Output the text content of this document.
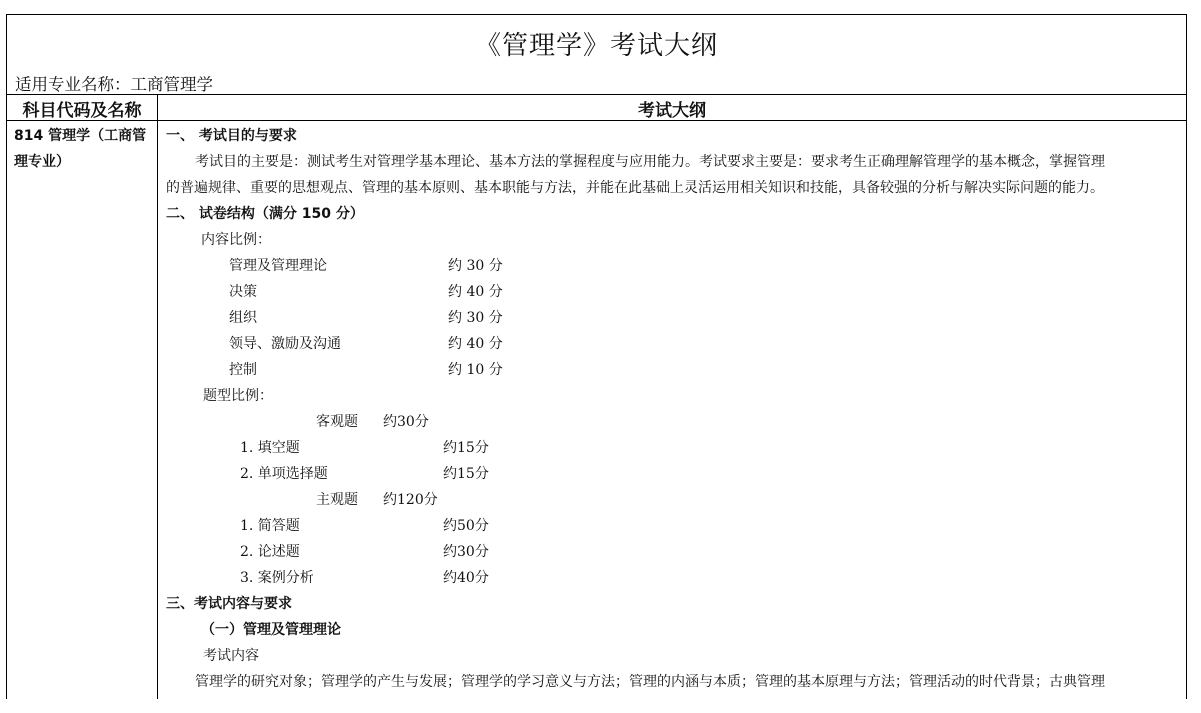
《管理学》考试大纲
适用专业名称：工商管理学
科目代码及名称	考试大纲
814 管理学（工商管理专业）
一、 考试目的与要求
考试目的主要是：测试考生对管理学基本理论、基本方法的掌握程度与应用能力。考试要求主要是：要求考生正确理解管理学的基本概念，掌握管理
的普遍规律、重要的思想观点、管理的基本原则、基本职能与方法，并能在此基础上灵活运用相关知识和技能，具备较强的分析与解决实际问题的能力。
二、 试卷结构（满分 150 分）
内容比例：
管理及管理理论	约 30 分
决策	约 40 分
组织	约 30 分
领导、激励及沟通	约 40 分
控制	约 10 分
题型比例：
客观题 约30分
1. 填空题	约15分
2. 单项选择题	约15分
主观题 约120分
1. 简答题	约50分
2. 论述题	约30分
3. 案例分析	约40分
三、考试内容与要求
（一）管理及管理理论
考试内容
管理学的研究对象；管理学的产生与发展；管理学的学习意义与方法；管理的内涵与本质；管理的基本原理与方法；管理活动的时代背景；古典管理
